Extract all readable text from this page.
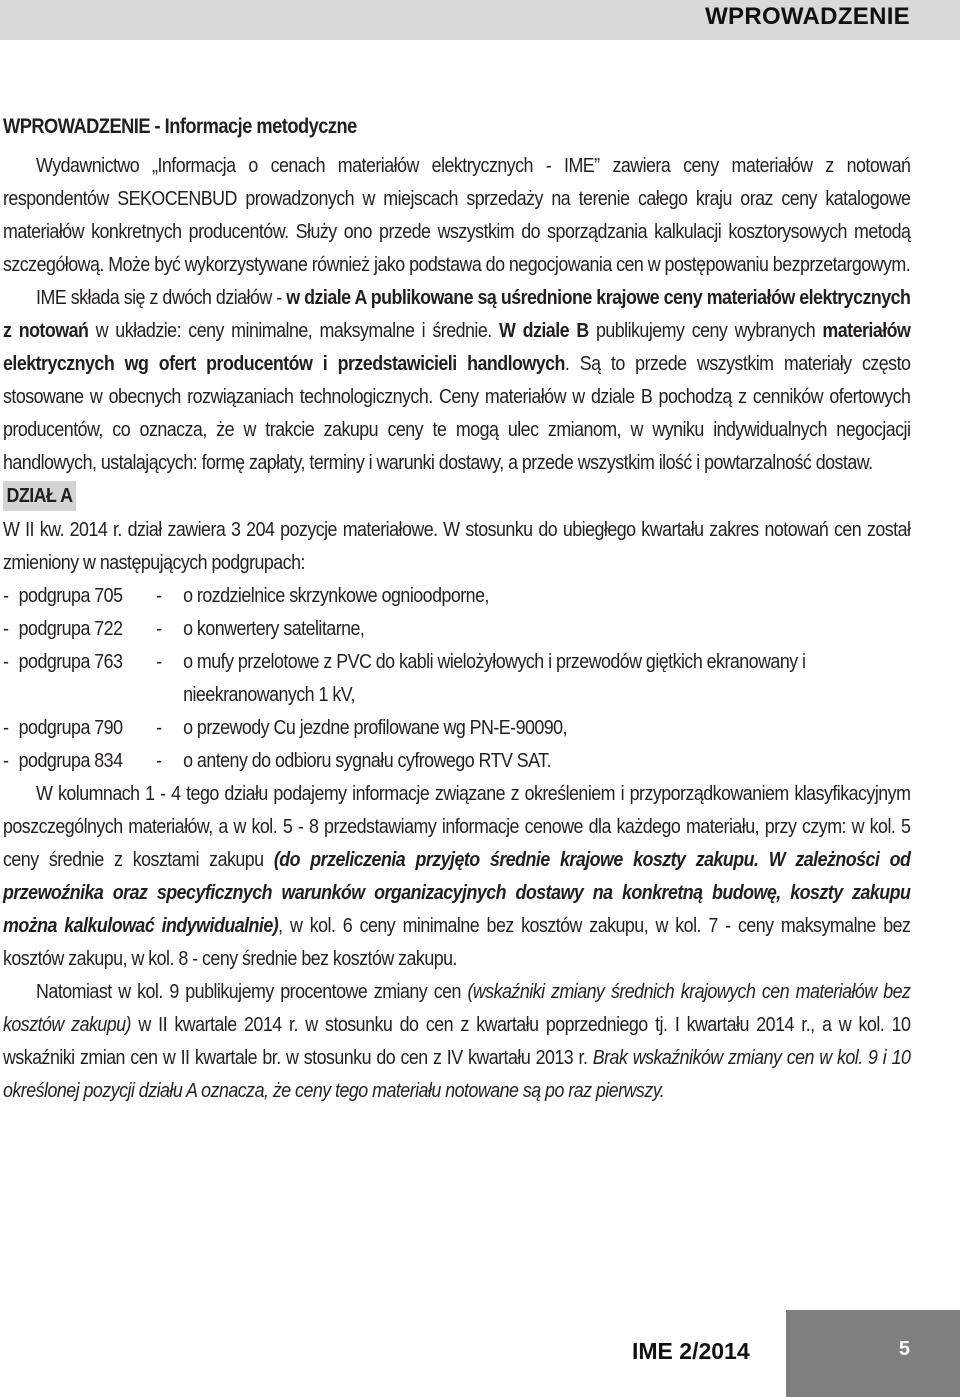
WPROWADZENIE

WPROWADZENIE - Informacje metodyczne

Wydawnictwo „Informacja o cenach materiałów elektrycznych - IME” zawiera ceny materiałów z notowań respondentów SEKOCENBUD prowadzonych w miejscach sprzedaży na terenie całego kraju oraz ceny katalogowe materiałów konkretnych producentów. Służy ono przede wszystkim do sporządzania kalkulacji kosztorysowych metodą szczegółową. Może być wykorzystywane również jako podstawa do negocjowania cen w postępowaniu bezprzetargowym.

IME składa się z dwóch działów - w dziale A publikowane są uśrednione krajowe ceny materiałów elektrycznych z notowań w układzie: ceny minimalne, maksymalne i średnie. W dziale B publikujemy ceny wybranych materiałów elektrycznych wg ofert producentów i przedstawicieli handlowych. Są to przede wszystkim materiały często stosowane w obecnych rozwiązaniach technologicznych. Ceny materiałów w dziale B pochodzą z cenników ofertowych producentów, co oznacza, że w trakcie zakupu ceny te mogą ulec zmianom, w wyniku indywidualnych negocjacji handlowych, ustalających: formę zapłaty, terminy i warunki dostawy, a przede wszystkim ilość i powtarzalność dostaw.

DZIAŁ A

W II kw. 2014 r. dział zawiera 3 204 pozycje materiałowe. W stosunku do ubiegłego kwartału zakres notowań cen został zmieniony w następujących podgrupach:

- podgrupa 705 - o rozdzielnice skrzynkowe ognioodporne,
- podgrupa 722 - o konwertery satelitarne,
- podgrupa 763 - o mufy przelotowe z PVC do kabli wielożyłowych i przewodów giętkich ekranowany i nieekranowanych 1 kV,
- podgrupa 790 - o przewody Cu jezdne profilowane wg PN-E-90090,
- podgrupa 834 - o anteny do odbioru sygnału cyfrowego RTV SAT.

W kolumnach 1 - 4 tego działu podajemy informacje związane z określeniem i przyporządkowaniem klasyfikacyjnym poszczególnych materiałów, a w kol. 5 - 8 przedstawiamy informacje cenowe dla każdego materiału, przy czym: w kol. 5 ceny średnie z kosztami zakupu (do przeliczenia przyjęto średnie krajowe koszty zakupu. W zależności od przewoźnika oraz specyficznych warunków organizacyjnych dostawy na konkretną budowę, koszty zakupu można kalkulować indywidualnie), w kol. 6 ceny minimalne bez kosztów zakupu, w kol. 7 - ceny maksymalne bez kosztów zakupu, w kol. 8 - ceny średnie bez kosztów zakupu.

Natomiast w kol. 9 publikujemy procentowe zmiany cen (wskaźniki zmiany średnich krajowych cen materiałów bez kosztów zakupu) w II kwartale 2014 r. w stosunku do cen z kwartału poprzedniego tj. I kwartału 2014 r., a w kol. 10 wskaźniki zmian cen w II kwartale br. w stosunku do cen z IV kwartału 2013 r. Brak wskaźników zmiany cen w kol. 9 i 10 określonej pozycji działu A oznacza, że ceny tego materiału notowane są po raz pierwszy.

IME 2/2014	5
